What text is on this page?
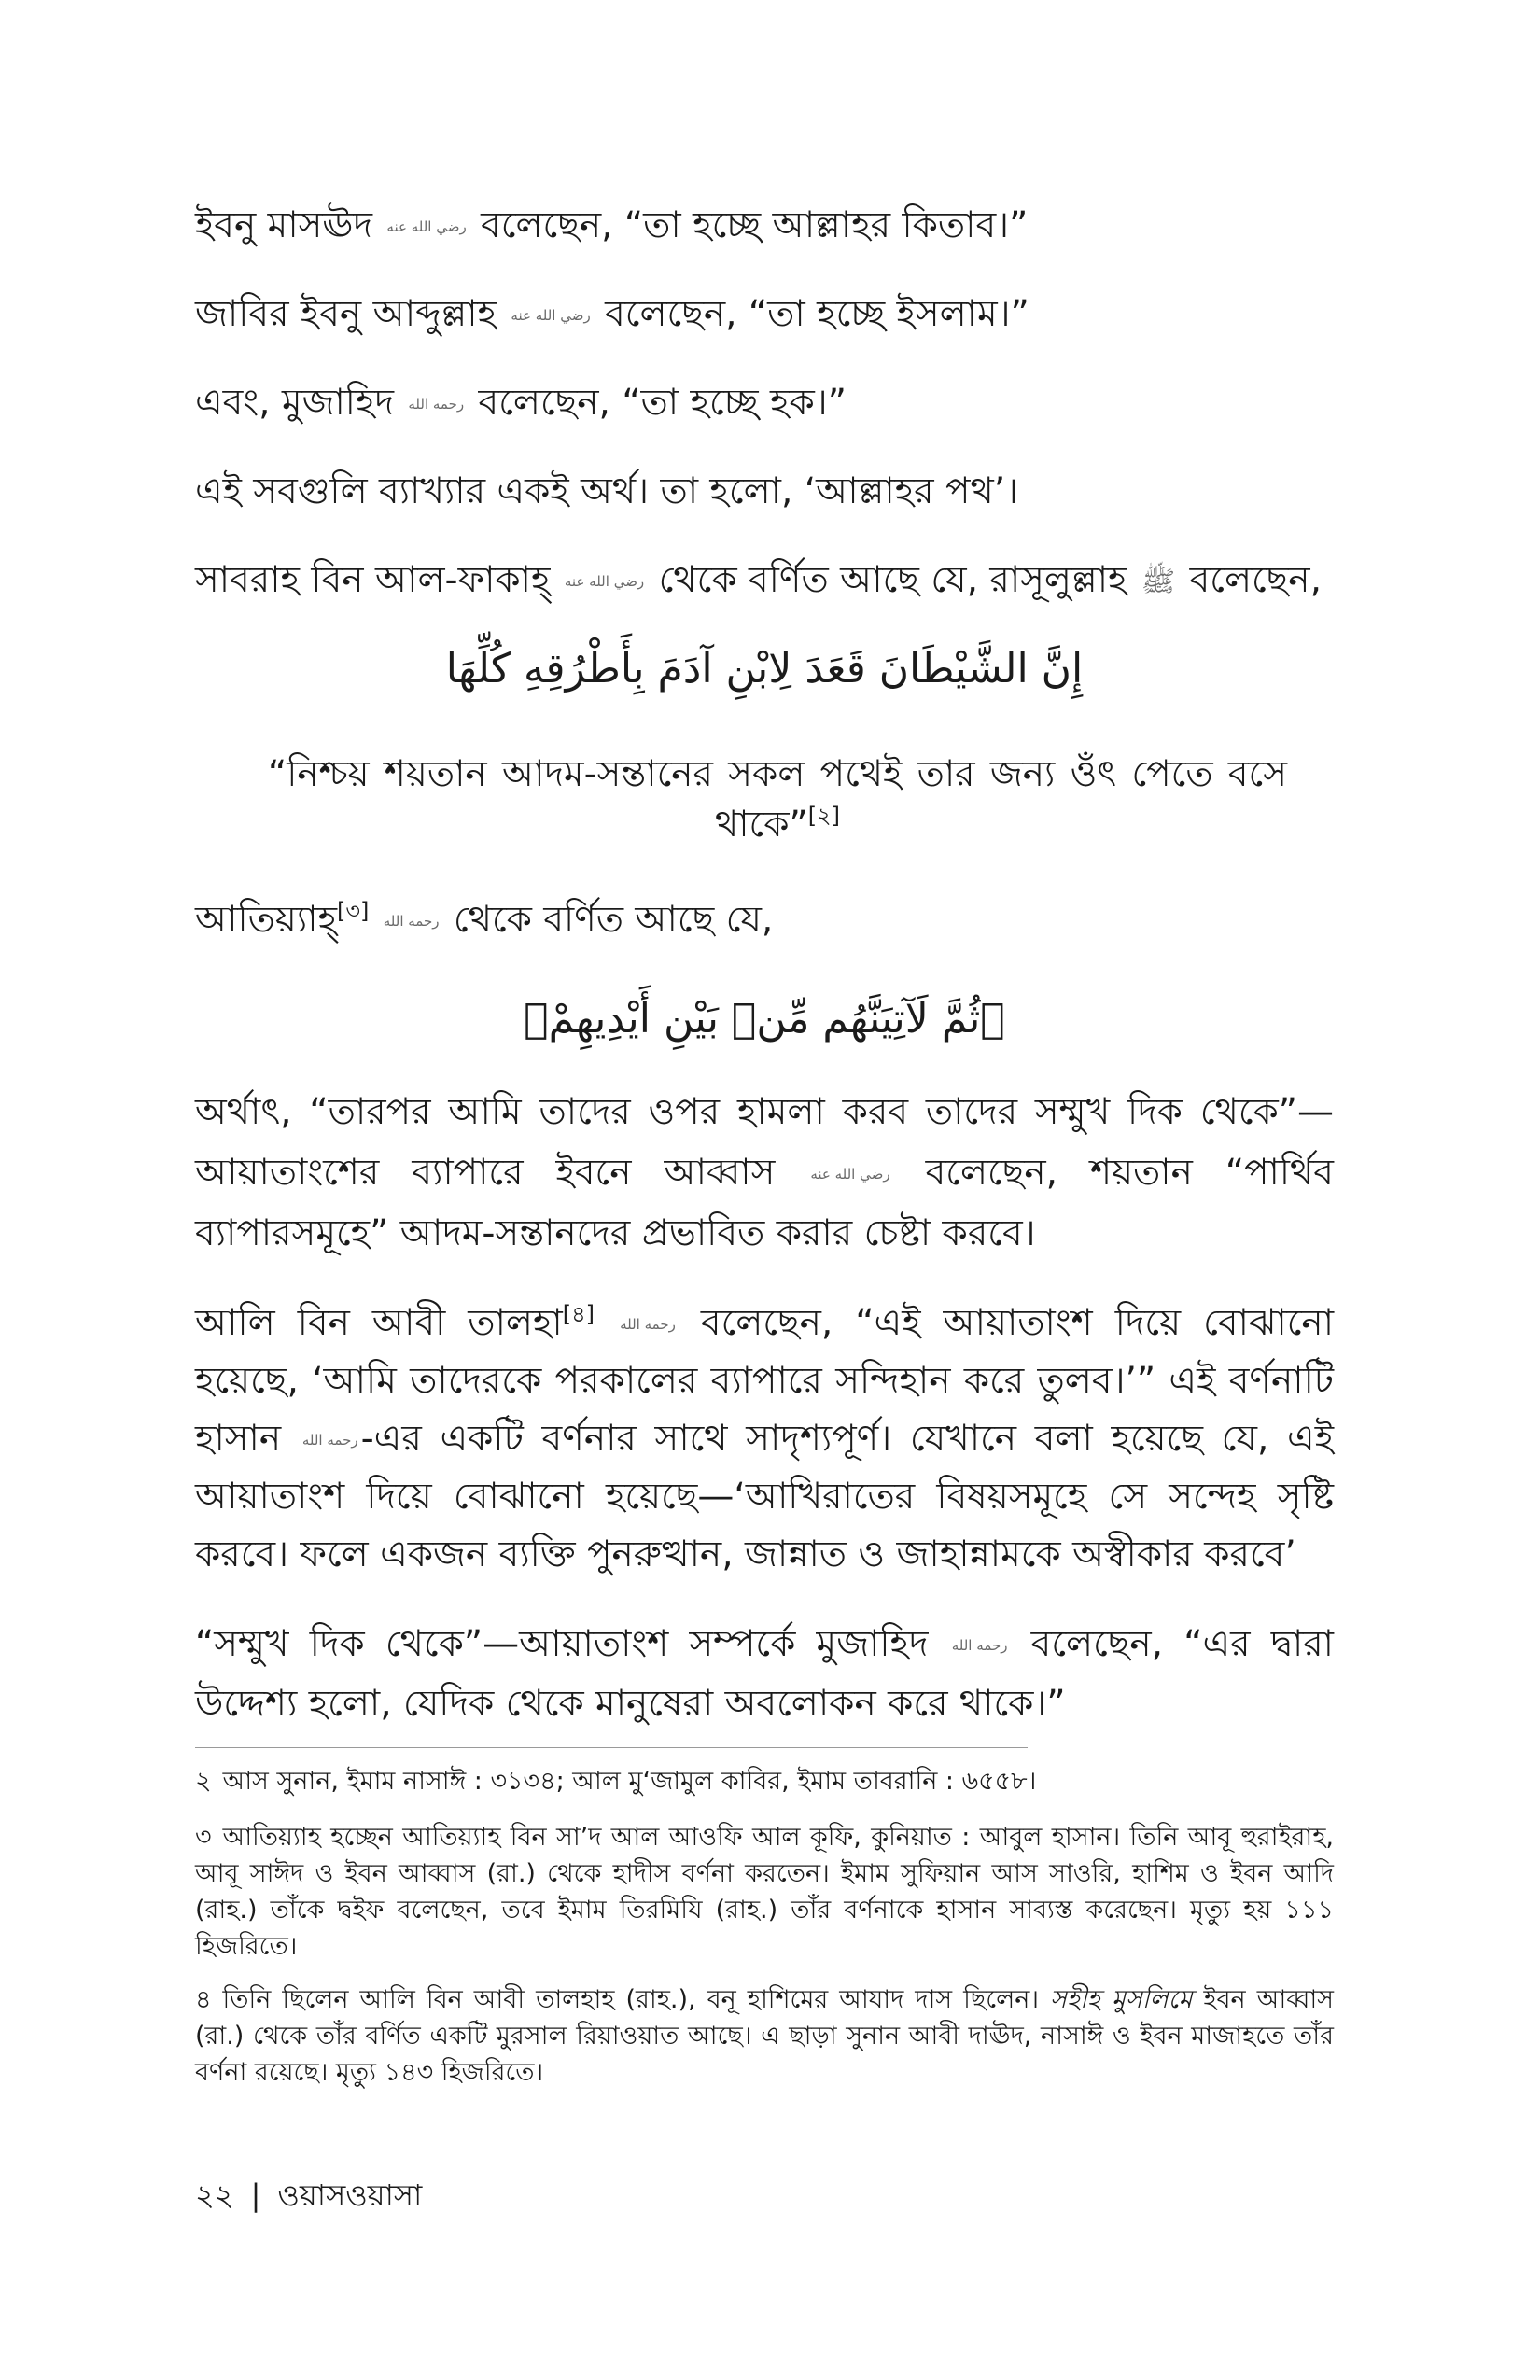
ইবনু মাসঊদ رضي الله عنه বলেছেন, “তা হচ্ছে আল্লাহর কিতাব।”

জাবির ইবনু আব্দুল্লাহ رضي الله عنه বলেছেন, “তা হচ্ছে ইসলাম।”

এবং, মুজাহিদ رحمه الله বলেছেন, “তা হচ্ছে হক।”

এই সবগুলি ব্যাখ্যার একই অর্থ। তা হলো, ‘আল্লাহর পথ’।

সাবরাহ বিন আল-ফাকাহ্ رضي الله عنه থেকে বর্ণিত আছে যে, রাসূলুল্লাহ ﷺ বলেছেন,

إِنَّ الشَّيْطَانَ قَعَدَ لِابْنِ آدَمَ بِأَطْرُقِهِ كُلِّهَا

“নিশ্চয় শয়তান আদম-সন্তানের সকল পথেই তার জন্য ওঁৎ পেতে বসে থাকে”[২]

আতিয়্যাহ্[৩] رحمه الله থেকে বর্ণিত আছে যে,

﴿ثُمَّ لَآتِيَنَّهُم مِّنۢ بَيْنِ أَيْدِيهِمْ﴾

অর্থাৎ, “তারপর আমি তাদের ওপর হামলা করব তাদের সম্মুখ দিক থেকে”— আয়াতাংশের ব্যাপারে ইবনে আব্বাস رضي الله عنه বলেছেন, শয়তান “পার্থিব ব্যাপারসমূহে” আদম-সন্তানদের প্রভাবিত করার চেষ্টা করবে।

আলি বিন আবী তালহা[৪] رحمه الله বলেছেন, “এই আয়াতাংশ দিয়ে বোঝানো হয়েছে, ‘আমি তাদেরকে পরকালের ব্যাপারে সন্দিহান করে তুলব।’” এই বর্ণনাটি হাসান رحمه الله-এর একটি বর্ণনার সাথে সাদৃশ্যপূর্ণ। যেখানে বলা হয়েছে যে, এই আয়াতাংশ দিয়ে বোঝানো হয়েছে—‘আখিরাতের বিষয়সমূহে সে সন্দেহ সৃষ্টি করবে। ফলে একজন ব্যক্তি পুনরুত্থান, জান্নাত ও জাহান্নামকে অস্বীকার করবে’

“সম্মুখ দিক থেকে”—আয়াতাংশ সম্পর্কে মুজাহিদ رحمه الله বলেছেন, “এর দ্বারা উদ্দেশ্য হলো, যেদিক থেকে মানুষেরা অবলোকন করে থাকে।”

২ আস সুনান, ইমাম নাসাঈ : ৩১৩৪; আল মু‘জামুল কাবির, ইমাম তাবরানি : ৬৫৫৮।

৩ আতিয়্যাহ হচ্ছেন আতিয়্যাহ বিন সা’দ আল আওফি আল কূফি, কুনিয়াত : আবুল হাসান। তিনি আবূ হুরাইরাহ, আবূ সাঈদ ও ইবন আব্বাস (রা.) থেকে হাদীস বর্ণনা করতেন। ইমাম সুফিয়ান আস সাওরি, হাশিম ও ইবন আদি (রাহ.) তাঁকে দ্বইফ বলেছেন, তবে ইমাম তিরমিযি (রাহ.) তাঁর বর্ণনাকে হাসান সাব্যস্ত করেছেন। মৃত্যু হয় ১১১ হিজরিতে।

৪ তিনি ছিলেন আলি বিন আবী তালহাহ (রাহ.), বনূ হাশিমের আযাদ দাস ছিলেন। সহীহ মুসলিমে ইবন আব্বাস (রা.) থেকে তাঁর বর্ণিত একটি মুরসাল রিয়াওয়াত আছে। এ ছাড়া সুনান আবী দাঊদ, নাসাঈ ও ইবন মাজাহতে তাঁর বর্ণনা রয়েছে। মৃত্যু ১৪৩ হিজরিতে।

২২ | ওয়াসওয়াসা
